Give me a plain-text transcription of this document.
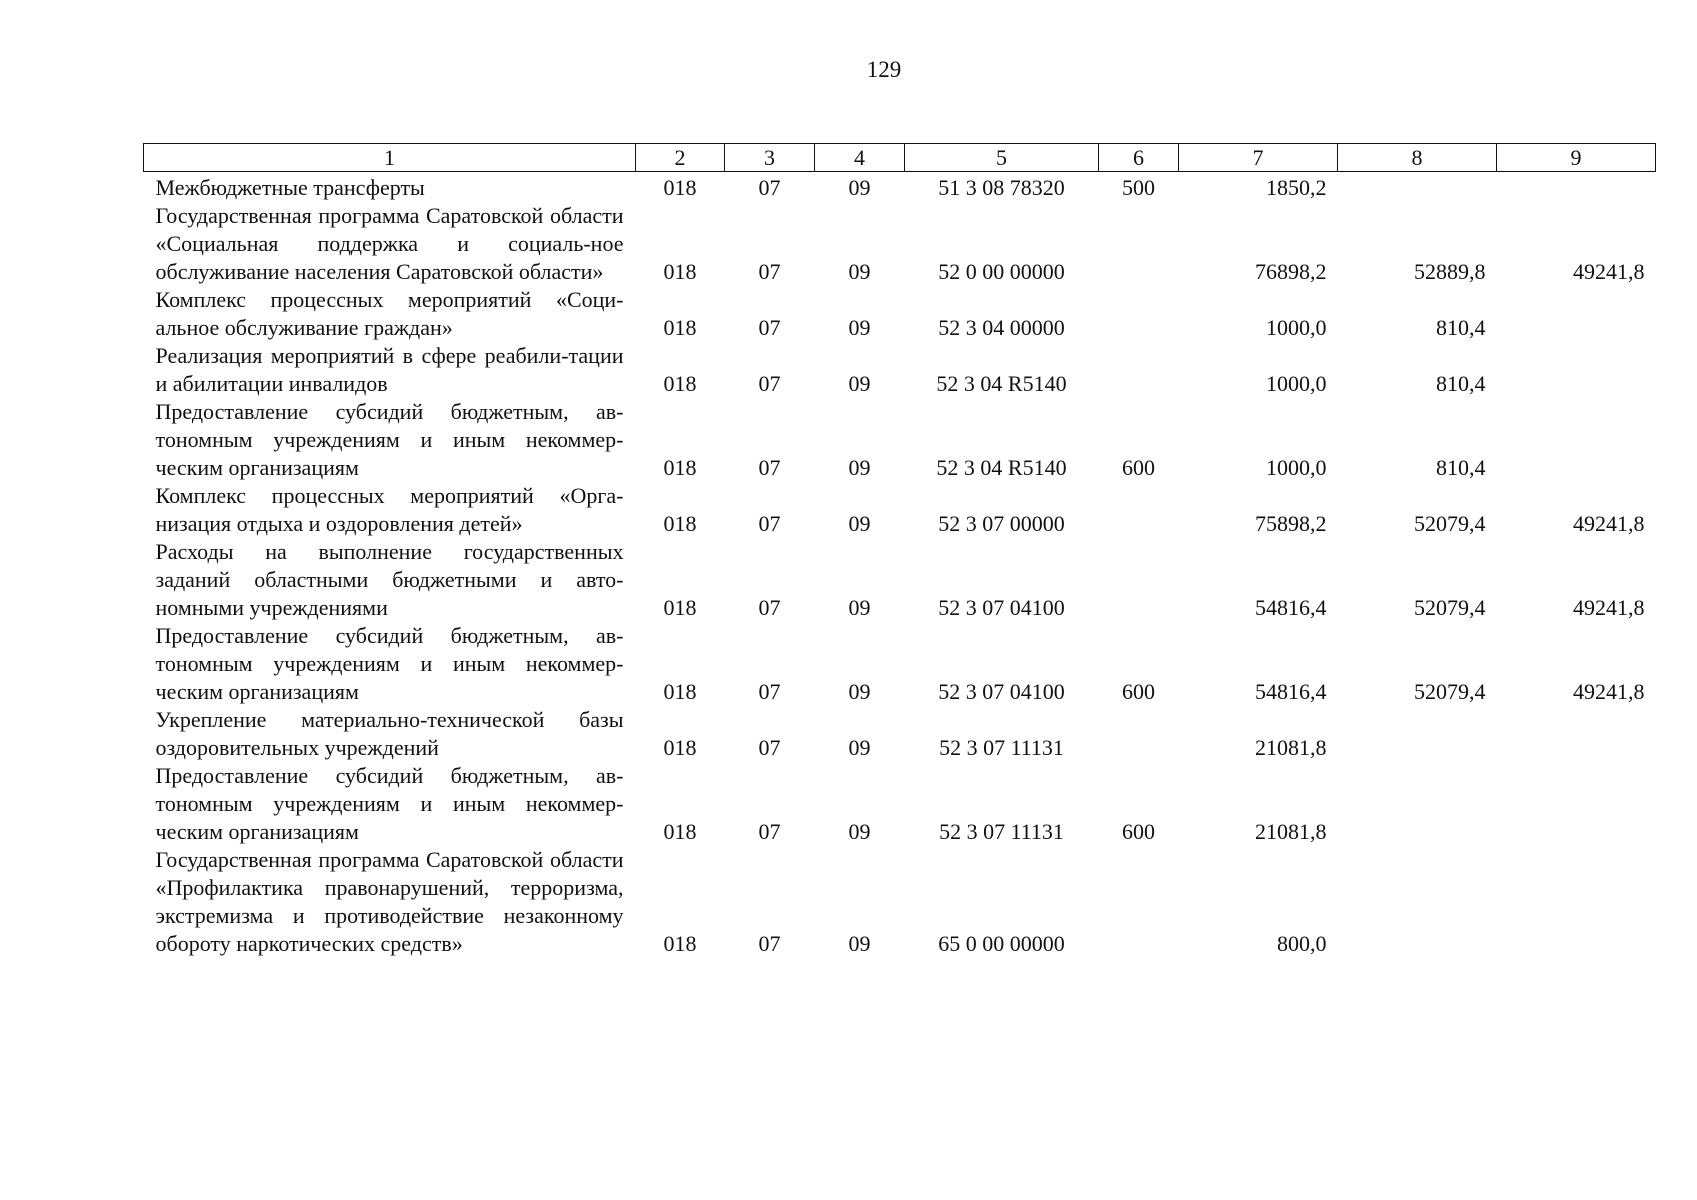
129
1	2	3	4	5	6	7	8	9
Межбюджетные трансферты	018	07	09	51 3 08 78320	500	1850,2		
Государственная программа Саратовской области «Социальная поддержка и социаль-ное обслуживание населения Саратовской области»	018	07	09	52 0 00 00000		76898,2	52889,8	49241,8
Комплекс процессных мероприятий «Соци-альное обслуживание граждан»	018	07	09	52 3 04 00000		1000,0	810,4	
Реализация мероприятий в сфере реабили-тации и абилитации инвалидов	018	07	09	52 3 04 R5140		1000,0	810,4	
Предоставление субсидий бюджетным, ав-тономным учреждениям и иным некоммер-ческим организациям	018	07	09	52 3 04 R5140	600	1000,0	810,4	
Комплекс процессных мероприятий «Орга-низация отдыха и оздоровления детей»	018	07	09	52 3 07 00000		75898,2	52079,4	49241,8
Расходы на выполнение государственных заданий областными бюджетными и авто-номными учреждениями	018	07	09	52 3 07 04100		54816,4	52079,4	49241,8
Предоставление субсидий бюджетным, ав-тономным учреждениям и иным некоммер-ческим организациям	018	07	09	52 3 07 04100	600	54816,4	52079,4	49241,8
Укрепление материально-технической базы оздоровительных учреждений	018	07	09	52 3 07 11131		21081,8		
Предоставление субсидий бюджетным, ав-тономным учреждениям и иным некоммер-ческим организациям	018	07	09	52 3 07 11131	600	21081,8		
Государственная программа Саратовской области «Профилактика правонарушений, терроризма, экстремизма и противодействие незаконному обороту наркотических средств»	018	07	09	65 0 00 00000		800,0		
